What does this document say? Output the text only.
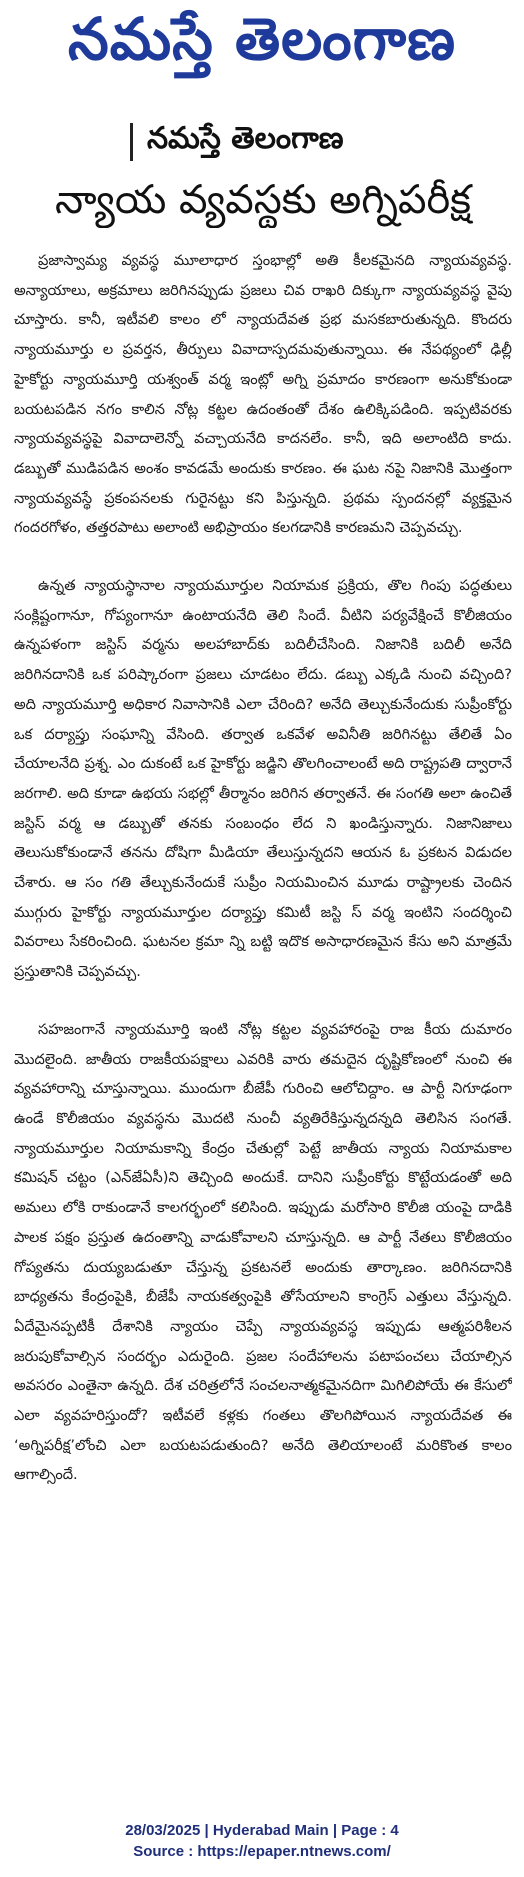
నమస్తే తెలంగాణ
నమస్తే తెలంగాణ
న్యాయ వ్యవస్థకు అగ్నిపరీక్ష

ప్రజాస్వామ్య వ్యవస్థ మూలాధార స్తంభాల్లో అతి కీలకమైనది న్యాయవ్యవస్థ. అన్యాయాలు, అక్రమాలు జరిగినప్పుడు ప్రజలు చివ రాఖరి దిక్కుగా న్యాయవ్యవస్థ వైపు చూస్తారు. కానీ, ఇటీవలి కాలం లో న్యాయదేవత ప్రభ మసకబారుతున్నది. కొందరు న్యాయమూర్తు ల ప్రవర్తన, తీర్పులు వివాదాస్పదమవుతున్నాయి. ఈ నేపథ్యంలో ఢిల్లీ హైకోర్టు న్యాయమూర్తి యశ్వంత్ వర్మ ఇంట్లో అగ్ని ప్రమాదం కారణంగా అనుకోకుండా బయటపడిన నగం కాలిన నోట్ల కట్టల ఉదంతంతో దేశం ఉలిక్కిపడింది. ఇప్పటివరకు న్యాయవ్యవస్థపై వివాదాలెన్నో వచ్చాయనేది కాదనలేం. కానీ, ఇది అలాంటిది కాదు. డబ్బుతో ముడిపడిన అంశం కావడమే అందుకు కారణం. ఈ ఘట నపై నిజానికి మొత్తంగా న్యాయవ్యవస్థే ప్రకంపనలకు గురైనట్టు కని పిస్తున్నది. ప్రథమ స్పందనల్లో వ్యక్తమైన గందరగోళం, తత్తరపాటు అలాంటి అభిప్రాయం కలగడానికి కారణమని చెప్పవచ్చు.

ఉన్నత న్యాయస్థానాల న్యాయమూర్తుల నియామక ప్రక్రియ, తొల గింపు పద్ధతులు సంక్లిష్టంగానూ, గోప్యంగానూ ఉంటాయనేది తెలి సిందే. వీటిని పర్యవేక్షించే కొలీజియం ఉన్నపళంగా జస్టిస్ వర్మను అలహాబాద్‌కు బదిలీచేసింది. నిజానికి బదిలీ అనేది జరిగినదానికి ఒక పరిష్కారంగా ప్రజలు చూడటం లేదు. డబ్బు ఎక్కడి నుంచి వచ్చింది? అది న్యాయమూర్తి అధికార నివాసానికి ఎలా చేరింది? అనేది తెల్చుకునేందుకు సుప్రీంకోర్టు ఒక దర్యాప్తు సంఘాన్ని వేసింది. తర్వాత ఒకవేళ అవినీతి జరిగినట్టు తేలితే ఏం చేయాలనేది ప్రశ్న. ఎం దుకంటే ఒక హైకోర్టు జడ్జిని తొలగించాలంటే అది రాష్ట్రపతి ద్వారానే జరగాలి. అది కూడా ఉభయ సభల్లో తీర్మానం జరిగిన తర్వాతనే. ఈ సంగతి అలా ఉంచితే జస్టిస్ వర్మ ఆ డబ్బుతో తనకు సంబంధం లేద ని ఖండిస్తున్నారు. నిజానిజాలు తెలుసుకోకుండానే తనను దోషిగా మీడియా తేలుస్తున్నదని ఆయన ఓ ప్రకటన విడుదల చేశారు. ఆ సం గతి తేల్చుకునేందుకే సుప్రీం నియమించిన మూడు రాష్ట్రాలకు చెందిన ముగ్గురు హైకోర్టు న్యాయమూర్తుల దర్యాప్తు కమిటీ జస్టి స్ వర్మ ఇంటిని సందర్శించి వివరాలు సేకరించింది. ఘటనల క్రమా న్ని బట్టి ఇదొక అసాధారణమైన కేసు అని మాత్రమే ప్రస్తుతానికి చెప్పవచ్చు.

సహజంగానే న్యాయమూర్తి ఇంటి నోట్ల కట్టల వ్యవహారంపై రాజ కీయ దుమారం మొదలైంది. జాతీయ రాజకీయపక్షాలు ఎవరికి వారు తమదైన దృష్టికోణంలో నుంచి ఈ వ్యవహారాన్ని చూస్తున్నాయి. ముందుగా బీజేపీ గురించి ఆలోచిద్దాం. ఆ పార్టీ నిగూఢంగా ఉండే కొలీజియం వ్యవస్థను మొదటి నుంచీ వ్యతిరేకిస్తున్నదన్నది తెలిసిన సంగతే. న్యాయమూర్తుల నియామకాన్ని కేంద్రం చేతుల్లో పెట్టే జాతీయ న్యాయ నియామకాల కమిషన్ చట్టం (ఎన్‌జేఏసీ)ని తెచ్చింది అందుకే. దానిని సుప్రీంకోర్టు కొట్టేయడంతో అది అమలు లోకి రాకుండానే కాలగర్భంలో కలిసింది. ఇప్పుడు మరోసారి కొలీజి యంపై దాడికి పాలక పక్షం ప్రస్తుత ఉదంతాన్ని వాడుకోవాలని చూస్తున్నది. ఆ పార్టీ నేతలు కొలీజియం గోప్యతను దుయ్యబడుతూ చేస్తున్న ప్రకటనలే అందుకు తార్కాణం. జరిగినదానికి బాధ్యతను కేంద్రంపైకి, బీజేపీ నాయకత్వంపైకి తోసేయాలని కాంగ్రెస్ ఎత్తులు వేస్తున్నది. ఏదేమైనప్పటికీ దేశానికి న్యాయం చెప్పే న్యాయవ్యవస్థ ఇప్పుడు ఆత్మపరిశీలన జరుపుకోవాల్సిన సందర్భం ఎదురైంది. ప్రజల సందేహాలను పటాపంచలు చేయాల్సిన అవసరం ఎంతైనా ఉన్నది. దేశ చరిత్రలోనే సంచలనాత్మకమైనదిగా మిగిలిపోయే ఈ కేసులో ఎలా వ్యవహరిస్తుందో? ఇటీవలే కళ్లకు గంతలు తొలగిపోయిన న్యాయదేవత ఈ ‘అగ్నిపరీక్ష’లోంచి ఎలా బయటపడుతుంది? అనేది తెలియాలంటే మరికొంత కాలం ఆగాల్సిందే.

28/03/2025 | Hyderabad Main | Page : 4
Source : https://epaper.ntnews.com/
